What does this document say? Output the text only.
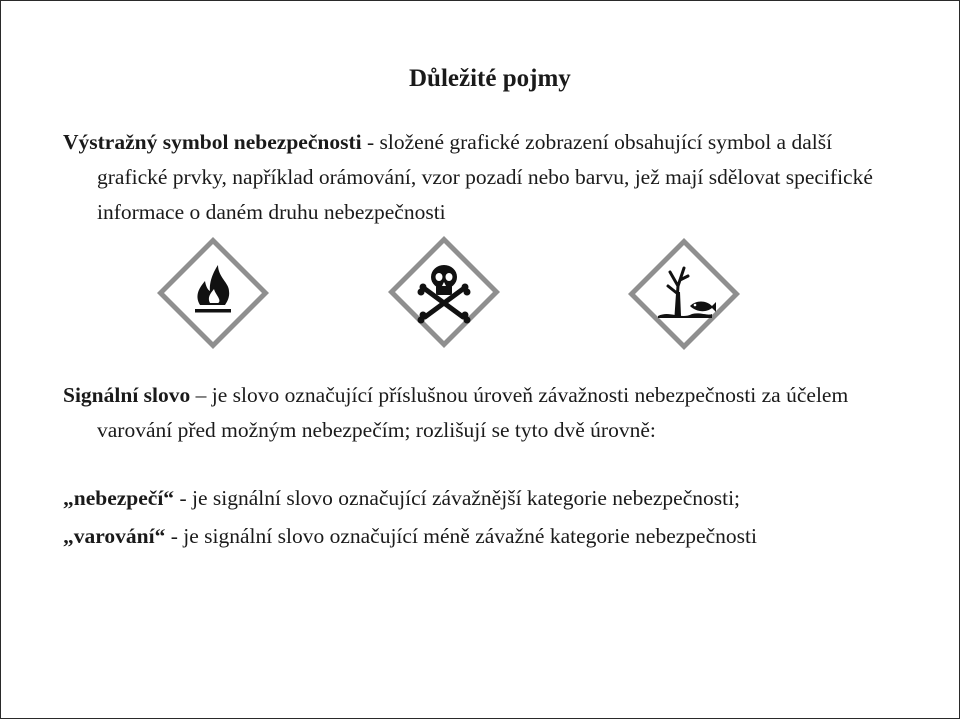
Důležité pojmy
Výstražný symbol nebezpečnosti - složené grafické zobrazení obsahující symbol a další grafické prvky, například orámování, vzor pozadí nebo barvu, jež mají sdělovat specifické informace o daném druhu nebezpečnosti
Signální slovo – je slovo označující příslušnou úroveň závažnosti nebezpečnosti za účelem varování před možným nebezpečím; rozlišují se tyto dvě úrovně:
„nebezpečí“ - je signální slovo označující závažnější kategorie nebezpečnosti;
„varování“ - je signální slovo označující méně závažné kategorie nebezpečnosti
